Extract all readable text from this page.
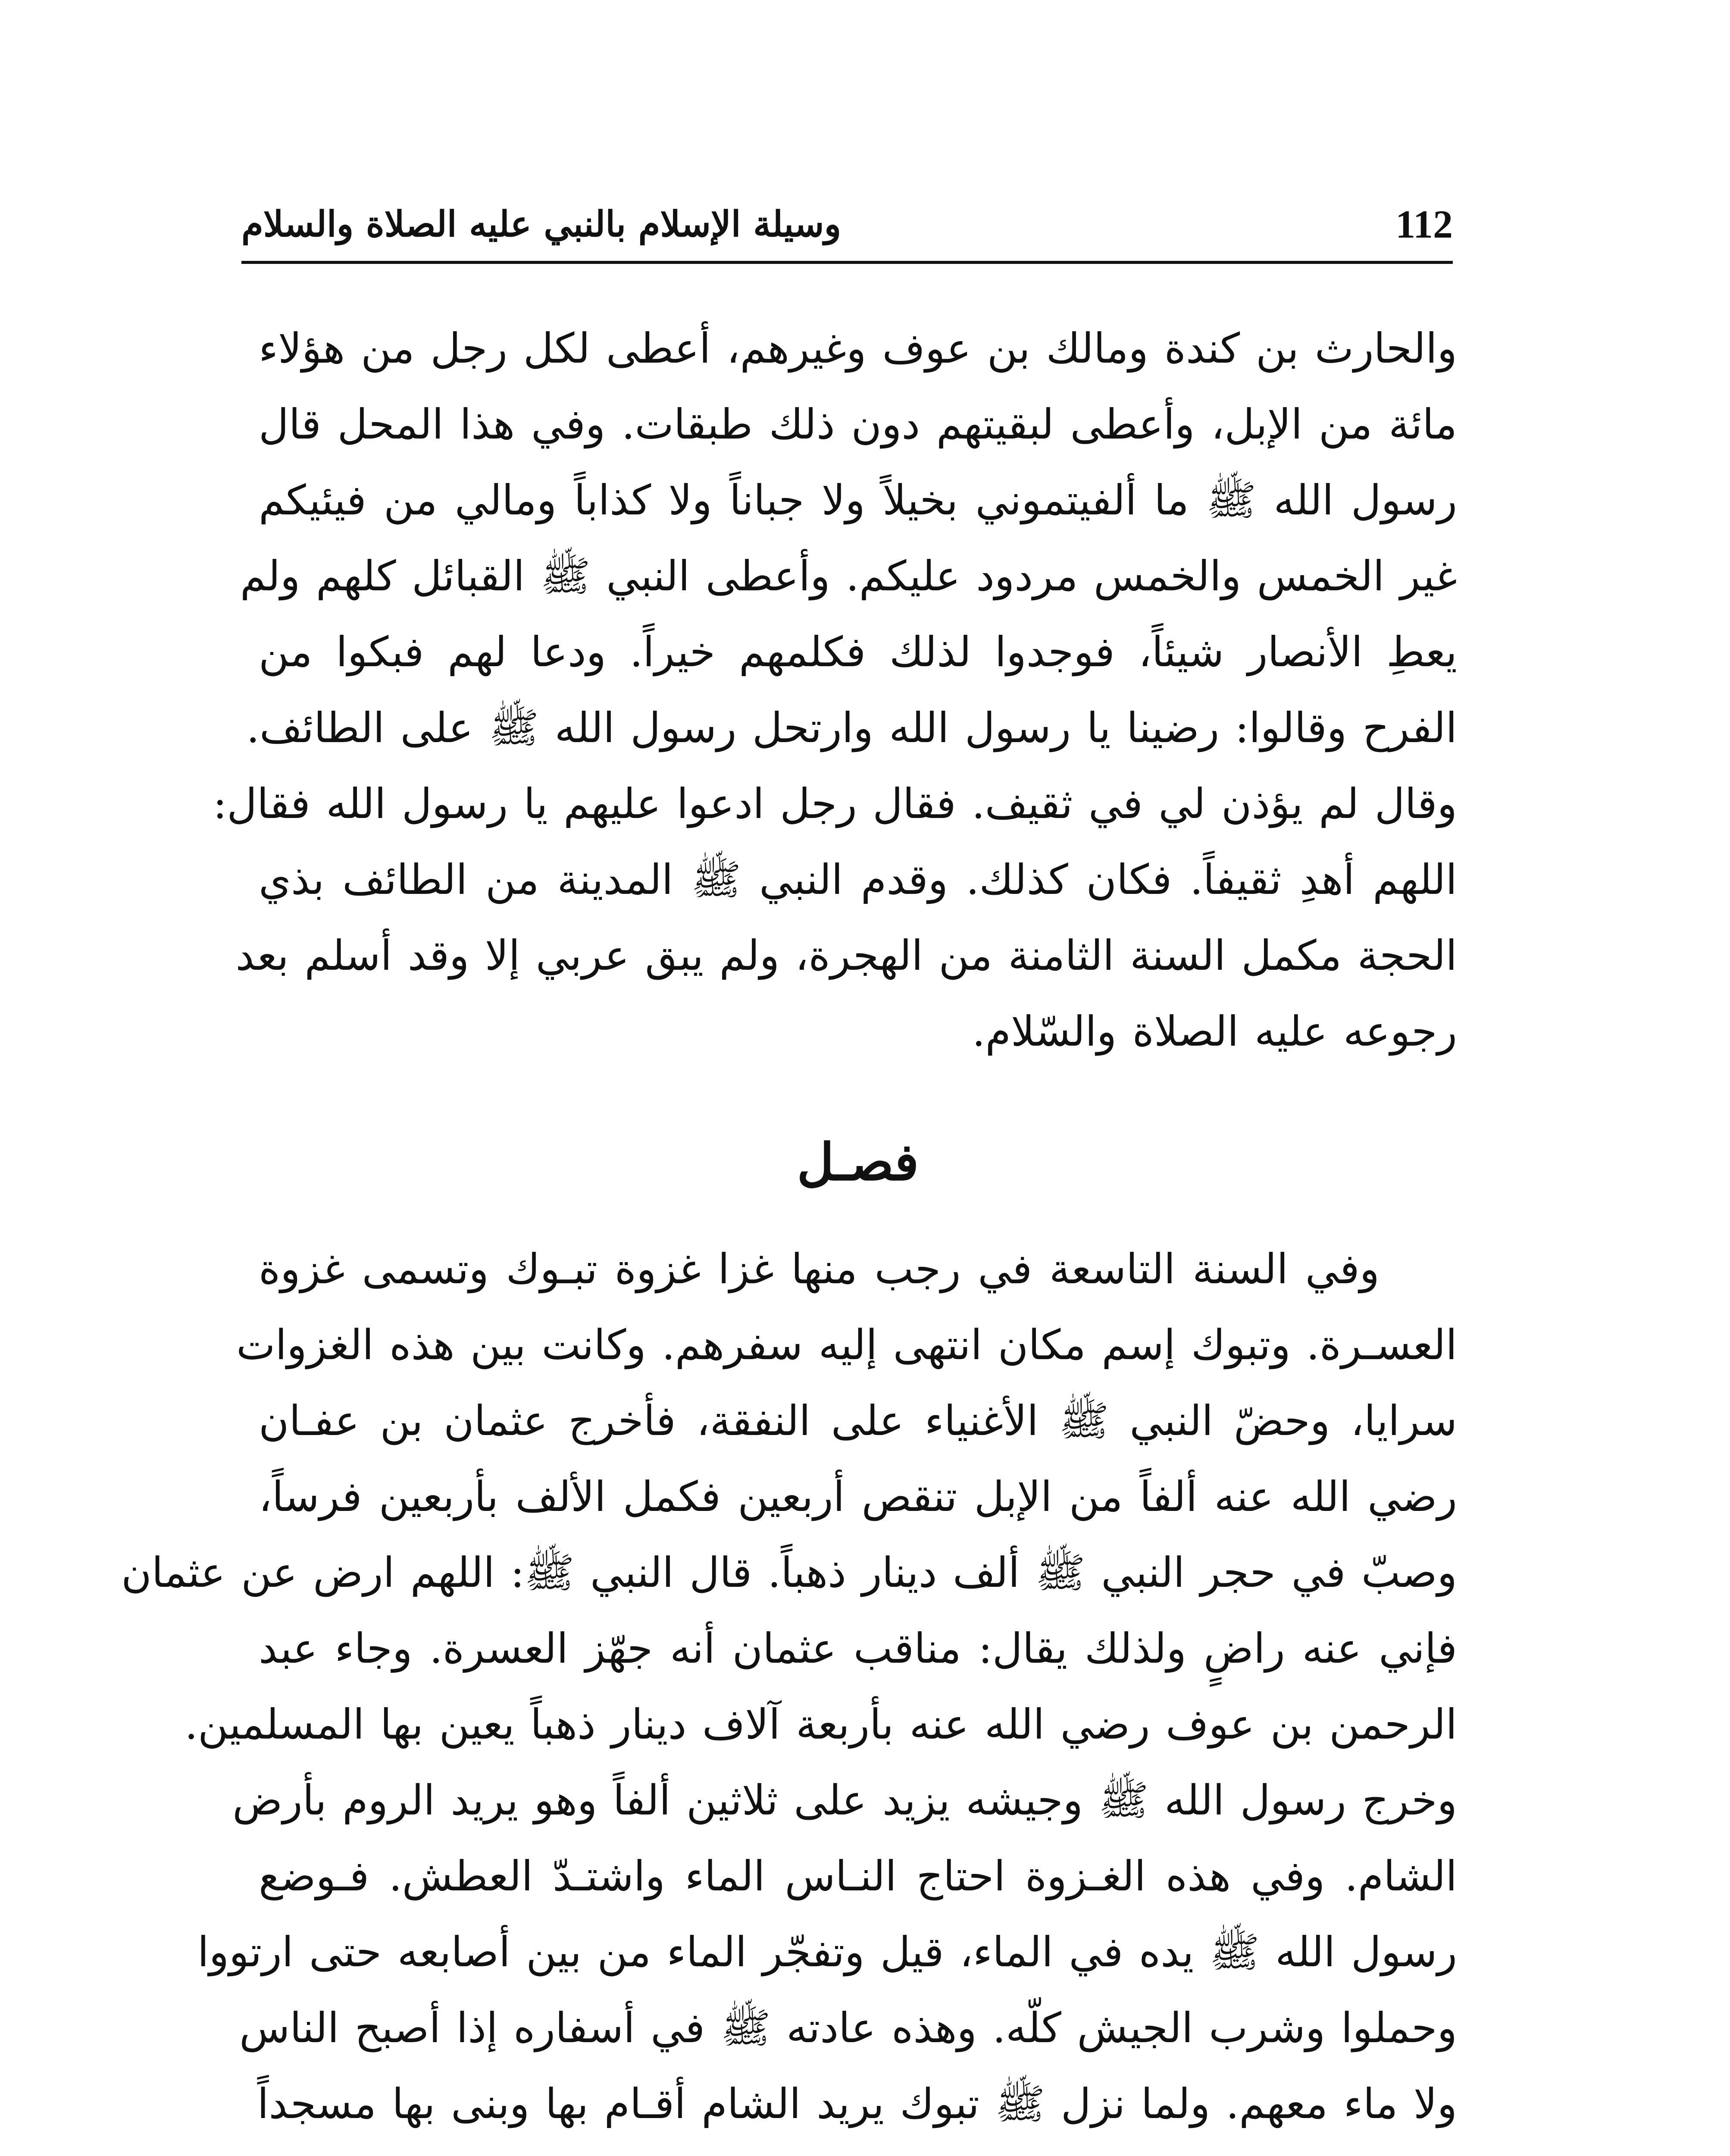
112
وسيلة الإسلام بالنبي عليه الصلاة والسلام
والحارث بن كندة ومالك بن عوف وغيرهم، أعطى لكل رجل من هؤلاء
مائة من الإبل، وأعطى لبقيتهم دون ذلك طبقات. وفي هذا المحل قال
رسول الله ﷺ ما ألفيتموني بخيلاً ولا جباناً ولا كذاباً ومالي من فيئيكم
غير الخمس والخمس مردود عليكم. وأعطى النبي ﷺ القبائل كلهم ولم
يعطِ الأنصار شيئاً، فوجدوا لذلك فكلمهم خيراً. ودعا لهم فبكوا من
الفرح وقالوا: رضينا يا رسول الله وارتحل رسول الله ﷺ على الطائف.
وقال لم يؤذن لي في ثقيف. فقال رجل ادعوا عليهم يا رسول الله فقال:
اللهم أهدِ ثقيفاً. فكان كذلك. وقدم النبي ﷺ المدينة من الطائف بذي
الحجة مكمل السنة الثامنة من الهجرة، ولم يبق عربي إلا وقد أسلم بعد
رجوعه عليه الصلاة والسّلام.
فصـل
وفي السنة التاسعة في رجب منها غزا غزوة تبـوك وتسمى غزوة
العسـرة. وتبوك إسم مكان انتهى إليه سفرهم. وكانت بين هذه الغزوات
سرايا، وحضّ النبي ﷺ الأغنياء على النفقة، فأخرج عثمان بن عفـان
رضي الله عنه ألفاً من الإبل تنقص أربعين فكمل الألف بأربعين فرساً،
وصبّ في حجر النبي ﷺ ألف دينار ذهباً. قال النبي ﷺ: اللهم ارض عن عثمان
فإني عنه راضٍ ولذلك يقال: مناقب عثمان أنه جهّز العسرة. وجاء عبد
الرحمن بن عوف رضي الله عنه بأربعة آلاف دينار ذهباً يعين بها المسلمين.
وخرج رسول الله ﷺ وجيشه يزيد على ثلاثين ألفاً وهو يريد الروم بأرض
الشام. وفي هذه الغـزوة احتاج النـاس الماء واشتـدّ العطش. فـوضع
رسول الله ﷺ يده في الماء، قيل وتفجّر الماء من بين أصابعه حتى ارتووا
وحملوا وشرب الجيش كلّه. وهذه عادته ﷺ في أسفاره إذا أصبح الناس
ولا ماء معهم. ولما نزل ﷺ تبوك يريد الشام أقـام بها وبنى بها مسجداً
